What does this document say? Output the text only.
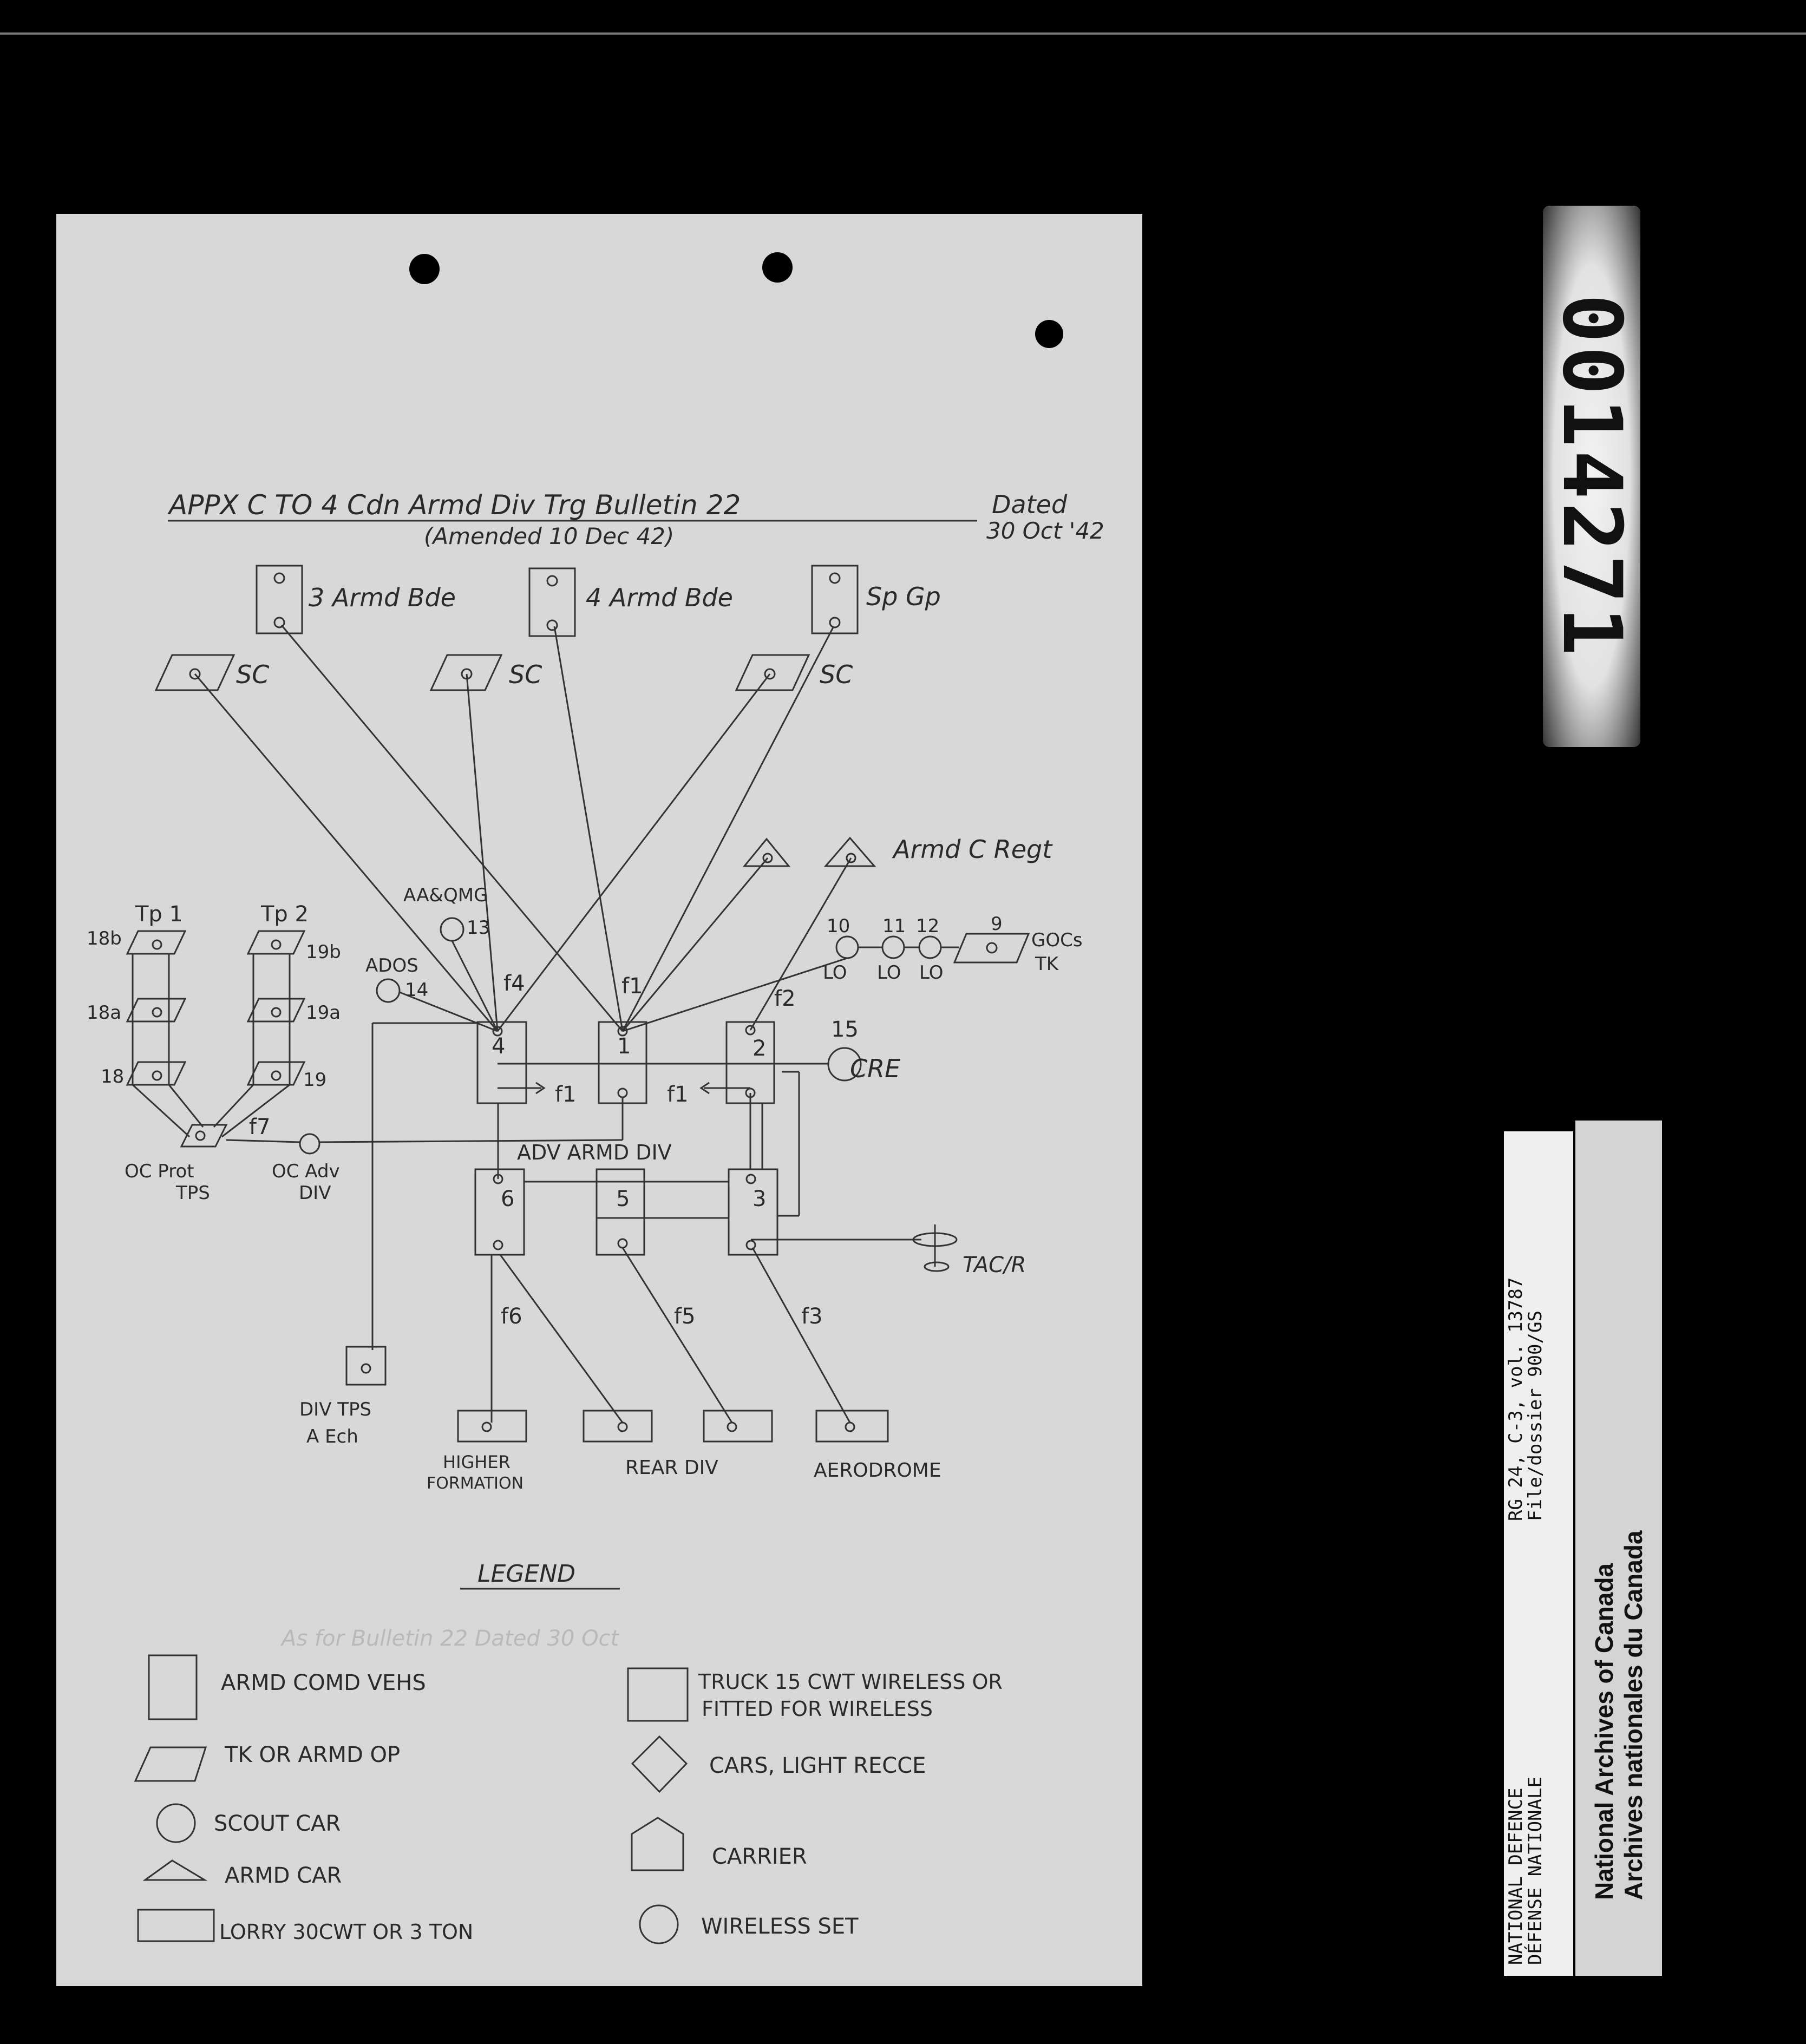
APPX C TO 4 Cdn Armd Div Trg Bulletin 22
(Amended 10 Dec 42)
Dated
30 Oct '42
3 Armd Bde	4 Armd Bde	Sp Gp
SC	SC	SC
Armd C Regt
CRE
TAC/R
AA&QMG
13
ADOS
14
Tp 1	Tp 2
18b
18a
18
19b
19a
19
OC Prot
TPS
OC Adv
DIV
f7
f4	f1	f2
f1	f1
15
10 11 12	9
LO LO LO
GOCs
TK
4	1	2
6	5	3
ADV ARMD DIV
f6	f5	f3
DIV TPS
A Ech
HIGHER
FORMATION
REAR DIV	AERODROME
LEGEND
As for Bulletin 22 Dated 30 Oct
ARMD COMD VEHS
TK OR ARMD OP
SCOUT CAR
ARMD CAR
LORRY 30CWT OR 3 TON
TRUCK 15 CWT WIRELESS OR
FITTED FOR WIRELESS
CARS, LIGHT RECCE
CARRIER
WIRELESS SET
0014271
NATIONAL DEFENCE
DÉFENSE NATIONALE
RG 24, C-3, vol. 13787
File/dossier 900/GS
National Archives of Canada Archives nationales du Canada
